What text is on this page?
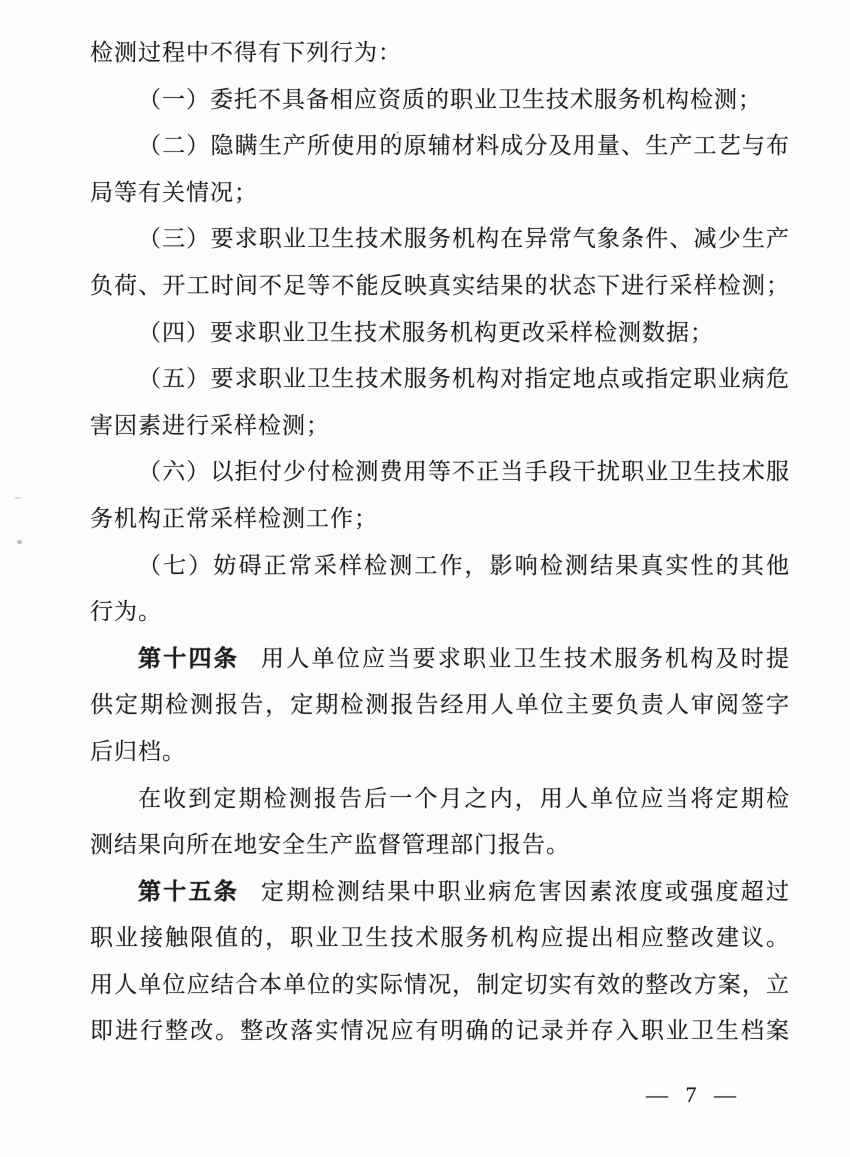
检测过程中不得有下列行为：
（一）委托不具备相应资质的职业卫生技术服务机构检测；
（二）隐瞒生产所使用的原辅材料成分及用量、生产工艺与布
局等有关情况；
（三）要求职业卫生技术服务机构在异常气象条件、减少生产
负荷、开工时间不足等不能反映真实结果的状态下进行采样检测；
（四）要求职业卫生技术服务机构更改采样检测数据；
（五）要求职业卫生技术服务机构对指定地点或指定职业病危
害因素进行采样检测；
（六）以拒付少付检测费用等不正当手段干扰职业卫生技术服
务机构正常采样检测工作；
（七）妨碍正常采样检测工作，影响检测结果真实性的其他
行为。
第十四条 用人单位应当要求职业卫生技术服务机构及时提
供定期检测报告，定期检测报告经用人单位主要负责人审阅签字
后归档。
在收到定期检测报告后一个月之内，用人单位应当将定期检
测结果向所在地安全生产监督管理部门报告。
第十五条 定期检测结果中职业病危害因素浓度或强度超过
职业接触限值的，职业卫生技术服务机构应提出相应整改建议。
用人单位应结合本单位的实际情况，制定切实有效的整改方案，立
即进行整改。整改落实情况应有明确的记录并存入职业卫生档案
— 7 —
